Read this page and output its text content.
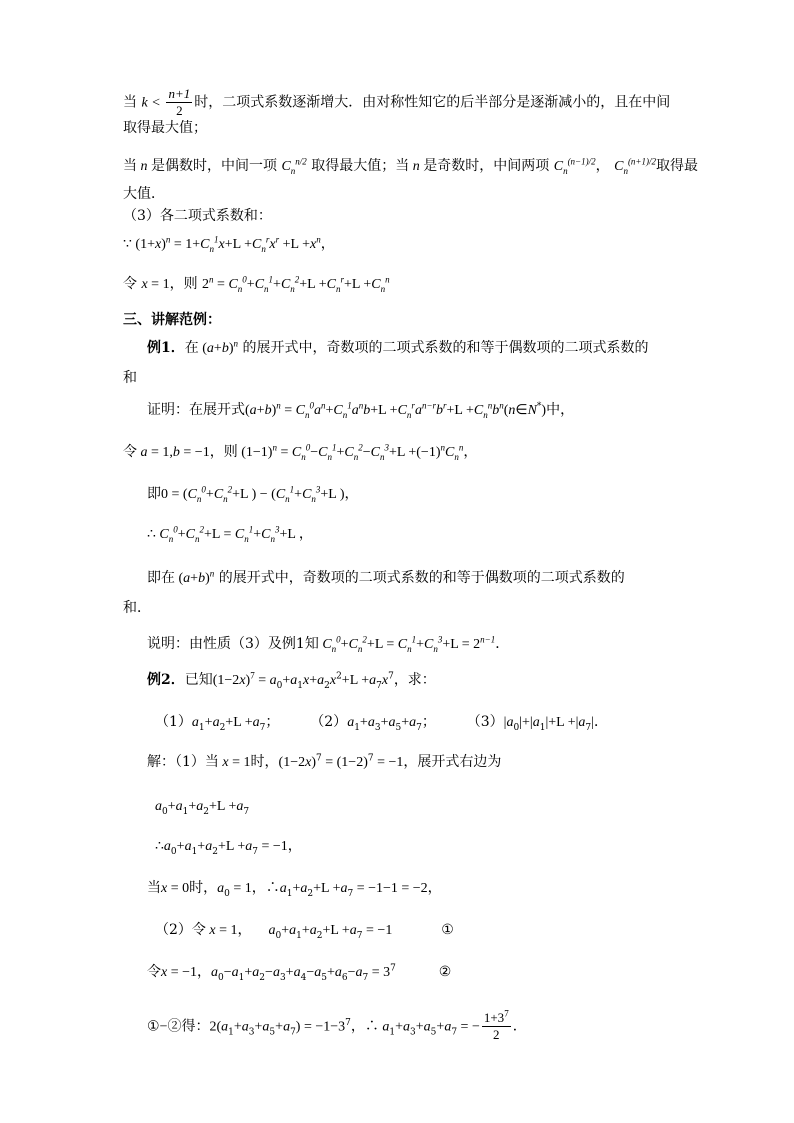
当 $k < \frac{n+1}{2}$ 时，二项式系数逐渐增大．由对称性知它的后半部分是逐渐减小的，且在中间
取得最大值；
当 n 是偶数时，中间一项 $C_n^{n/2}$ 取得最大值；当 n 是奇数时，中间两项 $C_n^{(n-1)/2}$， $C_n^{(n+1)/2}$取得最
大值．
（3）各二项式系数和：
∵ $(1+x)^n = 1+C_n^1x+L +C_n^rx^r +L +x^n$，
令 x = 1，则 $2^n = C_n^0+C_n^1+C_n^2+L +C_n^r+L +C_n^n$
三、讲解范例：
例1．在 $(a+b)^n$ 的展开式中，奇数项的二项式系数的和等于偶数项的二项式系数的
和
证明：在展开式$(a+b)^n = C_n^0a^n+C_n^1a^nb+L +C_n^ra^{n-r}b^r+L$ $+C_n^nb^n(n\in N^*)$中，
令 a = 1,b = −1，则 $(1-1)^n = C_n^0-C_n^1+C_n^2-C_n^3+L +(-1)^nC_n^n$，
即$0 = (C_n^0+C_n^2+L$ ) − ($C_n^1+C_n^3+L$ )，
∴ $C_n^0+C_n^2+L = C_n^1+C_n^3+L$ ，
即在 $(a+b)^n$ 的展开式中，奇数项的二项式系数的和等于偶数项的二项式系数的
和．
说明：由性质（3）及例1知 $C_n^0+C_n^2+L = C_n^1+C_n^3+L = 2^{n-1}$．
例2．已知$(1-2x)^7 = a_0+a_1x+a_2x^2+L +a_7x^7$，求：
$(1)a_1+a_2+L +a_7$； $(2)a_1+a_3+a_5+a_7$； $(3)|a_0|+|a_1|+L +|a_7|$．
解：（1）当 x = 1时，$(1-2x)^7 = (1-2)^7 = -1$，展开式右边为
$a_0+a_1+a_2+L +a_7$
$\therefore a_0+a_1+a_2+L +a_7 = -1$，
当x = 0时，$a_0 = 1$，$\therefore a_1+a_2+L +a_7 = -1-1 = -2$，
（2）令 x = 1， $a_0+a_1+a_2+L +a_7 = -1$	①
令x = −1，$a_0-a_1+a_2-a_3+a_4-a_5+a_6-a_7 = 3^7$	②
①−②得：$2(a_1+a_3+a_5+a_7) = -1-3^7$，∴ $a_1+a_3+a_5+a_7$ = − $\frac{1+3^7}{2}$ ．
